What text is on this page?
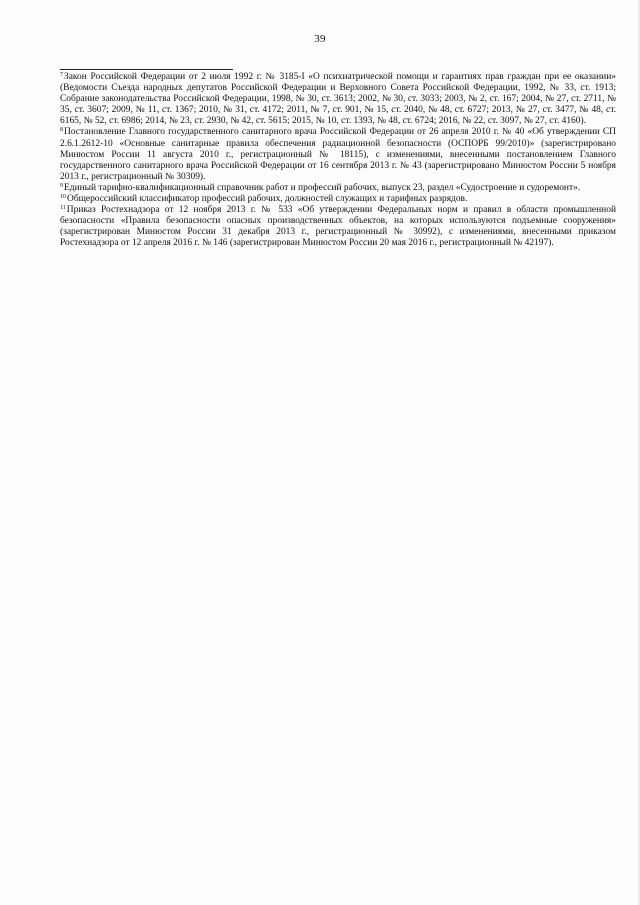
39

$^7$Закон Российской Федерации от 2 июля 1992 г. № 3185-I «О психиатрической помощи и гарантиях прав граждан при ее оказании» (Ведомости Съезда народных депутатов Российской Федерации и Верховного Совета Российской Федерации, 1992, № 33, ст. 1913; Собрание законодательства Российской Федерации, 1998, № 30, ст. 3613; 2002, № 30, ст. 3033; 2003, № 2, ст. 167; 2004, № 27, ст. 2711, № 35, ст. 3607; 2009, № 11, ст. 1367; 2010, № 31, ст. 4172; 2011, № 7, ст. 901, № 15, ст. 2040, № 48, ст. 6727; 2013, № 27, ст. 3477, № 48, ст. 6165, № 52, ст. 6986; 2014, № 23, ст. 2930, № 42, ст. 5615; 2015, № 10, ст. 1393, № 48, ст. 6724; 2016, № 22, ст. 3097, № 27, ст. 4160).

$^8$Постановление Главного государственного санитарного врача Российской Федерации от 26 апреля 2010 г. № 40 «Об утверждении СП 2.6.1.2612-10 «Основные санитарные правила обеспечения радиационной безопасности (ОСПОРБ 99/2010)» (зарегистрировано Минюстом России 11 августа 2010 г., регистрационный № 18115), с изменениями, внесенными постановлением Главного государственного санитарного врача Российской Федерации от 16 сентября 2013 г. № 43 (зарегистрировано Минюстом России 5 ноября 2013 г., регистрационный № 30309).

$^9$Единый тарифно-квалификационный справочник работ и профессий рабочих, выпуск 23, раздел «Судостроение и судоремонт».

$^{10}$Общероссийский классификатор профессий рабочих, должностей служащих и тарифных разрядов.

$^{11}$Приказ Ростехнадзора от 12 ноября 2013 г. № 533 «Об утверждении Федеральных норм и правил в области промышленной безопасности «Правила безопасности опасных производственных объектов, на которых используются подъемные сооружения» (зарегистрирован Минюстом России 31 декабря 2013 г., регистрационный № 30992), с изменениями, внесенными приказом Ростехнадзора от 12 апреля 2016 г. № 146 (зарегистрирован Минюстом России 20 мая 2016 г., регистрационный № 42197).
